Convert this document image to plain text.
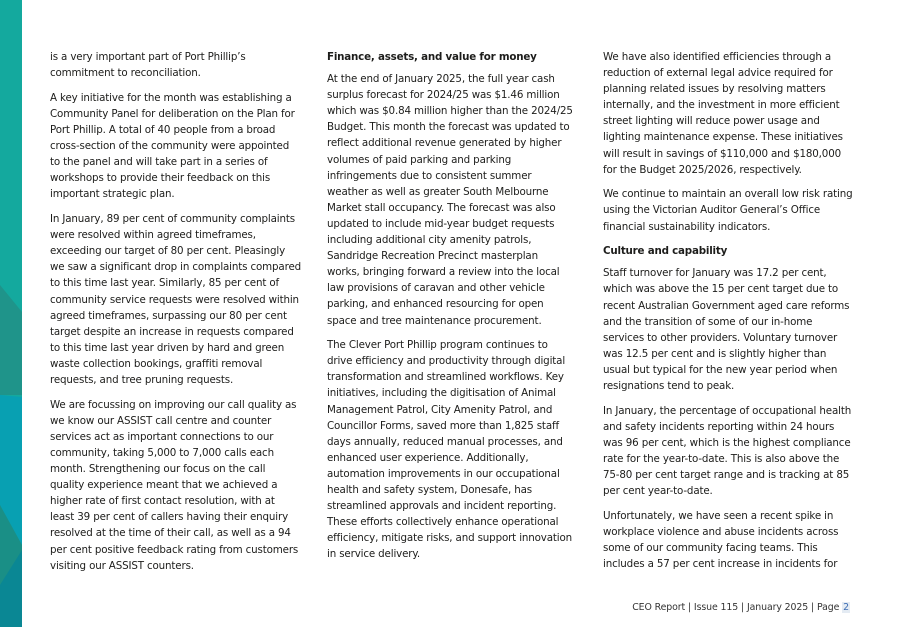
is a very important part of Port Phillip’s commitment to reconciliation.

A key initiative for the month was establishing a Community Panel for deliberation on the Plan for Port Phillip. A total of 40 people from a broad cross-section of the community were appointed to the panel and will take part in a series of workshops to provide their feedback on this important strategic plan.

In January, 89 per cent of community complaints were resolved within agreed timeframes, exceeding our target of 80 per cent. Pleasingly we saw a significant drop in complaints compared to this time last year. Similarly, 85 per cent of community service requests were resolved within agreed timeframes, surpassing our 80 per cent target despite an increase in requests compared to this time last year driven by hard and green waste collection bookings, graffiti removal requests, and tree pruning requests.

We are focussing on improving our call quality as we know our ASSIST call centre and counter services act as important connections to our community, taking 5,000 to 7,000 calls each month. Strengthening our focus on the call quality experience meant that we achieved a higher rate of first contact resolution, with at least 39 per cent of callers having their enquiry resolved at the time of their call, as well as a 94 per cent positive feedback rating from customers visiting our ASSIST counters.

Finance, assets, and value for money

At the end of January 2025, the full year cash surplus forecast for 2024/25 was $1.46 million which was $0.84 million higher than the 2024/25 Budget. This month the forecast was updated to reflect additional revenue generated by higher volumes of paid parking and parking infringements due to consistent summer weather as well as greater South Melbourne Market stall occupancy. The forecast was also updated to include mid-year budget requests including additional city amenity patrols, Sandridge Recreation Precinct masterplan works, bringing forward a review into the local law provisions of caravan and other vehicle parking, and enhanced resourcing for open space and tree maintenance procurement.

The Clever Port Phillip program continues to drive efficiency and productivity through digital transformation and streamlined workflows. Key initiatives, including the digitisation of Animal Management Patrol, City Amenity Patrol, and Councillor Forms, saved more than 1,825 staff days annually, reduced manual processes, and enhanced user experience. Additionally, automation improvements in our occupational health and safety system, Donesafe, has streamlined approvals and incident reporting. These efforts collectively enhance operational efficiency, mitigate risks, and support innovation in service delivery.

We have also identified efficiencies through a reduction of external legal advice required for planning related issues by resolving matters internally, and the investment in more efficient street lighting will reduce power usage and lighting maintenance expense. These initiatives will result in savings of $110,000 and $180,000 for the Budget 2025/2026, respectively.

We continue to maintain an overall low risk rating using the Victorian Auditor General’s Office financial sustainability indicators.

Culture and capability

Staff turnover for January was 17.2 per cent, which was above the 15 per cent target due to recent Australian Government aged care reforms and the transition of some of our in-home services to other providers. Voluntary turnover was 12.5 per cent and is slightly higher than usual but typical for the new year period when resignations tend to peak.

In January, the percentage of occupational health and safety incidents reporting within 24 hours was 96 per cent, which is the highest compliance rate for the year-to-date. This is also above the 75-80 per cent target range and is tracking at 85 per cent year-to-date.

Unfortunately, we have seen a recent spike in workplace violence and abuse incidents across some of our community facing teams. This includes a 57 per cent increase in incidents for

CEO Report | Issue 115 | January 2025 | Page 2
